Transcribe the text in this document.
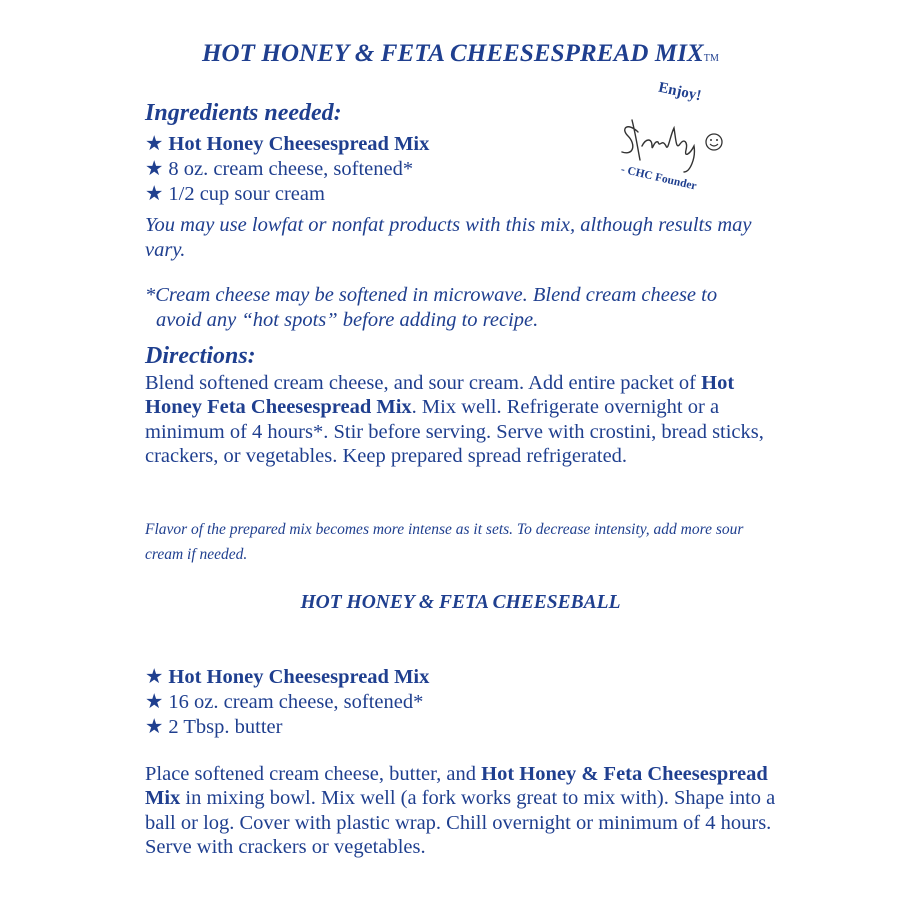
HOT HONEY & FETA CHEESESPREAD MIXTM
Enjoy!
- CHC Founder
Ingredients needed:
★ Hot Honey Cheesespread Mix
★ 8 oz. cream cheese, softened*
★ 1/2 cup sour cream
You may use lowfat or nonfat products with this mix, although results may vary.
*Cream cheese may be softened in microwave. Blend cream cheese to
avoid any “hot spots” before adding to recipe.
Directions:
Blend softened cream cheese, and sour cream. Add entire packet of Hot Honey Feta Cheesespread Mix. Mix well. Refrigerate overnight or a minimum of 4 hours*. Stir before serving. Serve with crostini, bread sticks, crackers, or vegetables. Keep prepared spread refrigerated.
Flavor of the prepared mix becomes more intense as it sets. To decrease intensity, add more sour cream if needed.
HOT HONEY & FETA CHEESEBALL
★ Hot Honey Cheesespread Mix
★ 16 oz. cream cheese, softened*
★ 2 Tbsp. butter
Place softened cream cheese, butter, and Hot Honey & Feta Cheesespread Mix in mixing bowl. Mix well (a fork works great to mix with). Shape into a ball or log. Cover with plastic wrap. Chill overnight or minimum of 4 hours. Serve with crackers or vegetables.
